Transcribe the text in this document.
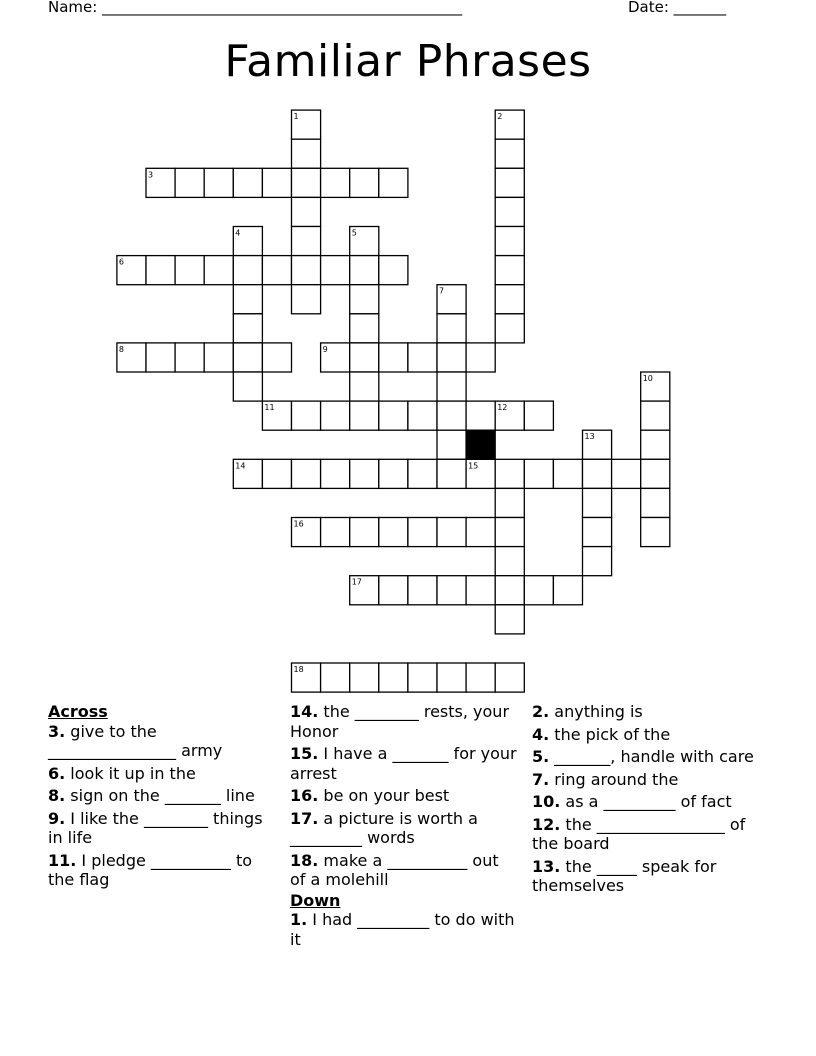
Name: ________________________________________________	Date: _______
Familiar Phrases
1	2
3
4	5
6
7
8	9
10
11	12
13
14	15
16
17
18
Across
3. give to the ________________ army
6. look it up in the
8. sign on the _______ line
9. I like the ________ things in life
11. I pledge __________ to the flag
14. the ________ rests, your Honor
15. I have a _______ for your arrest
16. be on your best
17. a picture is worth a _________ words
18. make a __________ out of a molehill
Down
1. I had _________ to do with it
2. anything is
4. the pick of the
5. _______, handle with care
7. ring around the
10. as a _________ of fact
12. the ________________ of the board
13. the _____ speak for themselves
